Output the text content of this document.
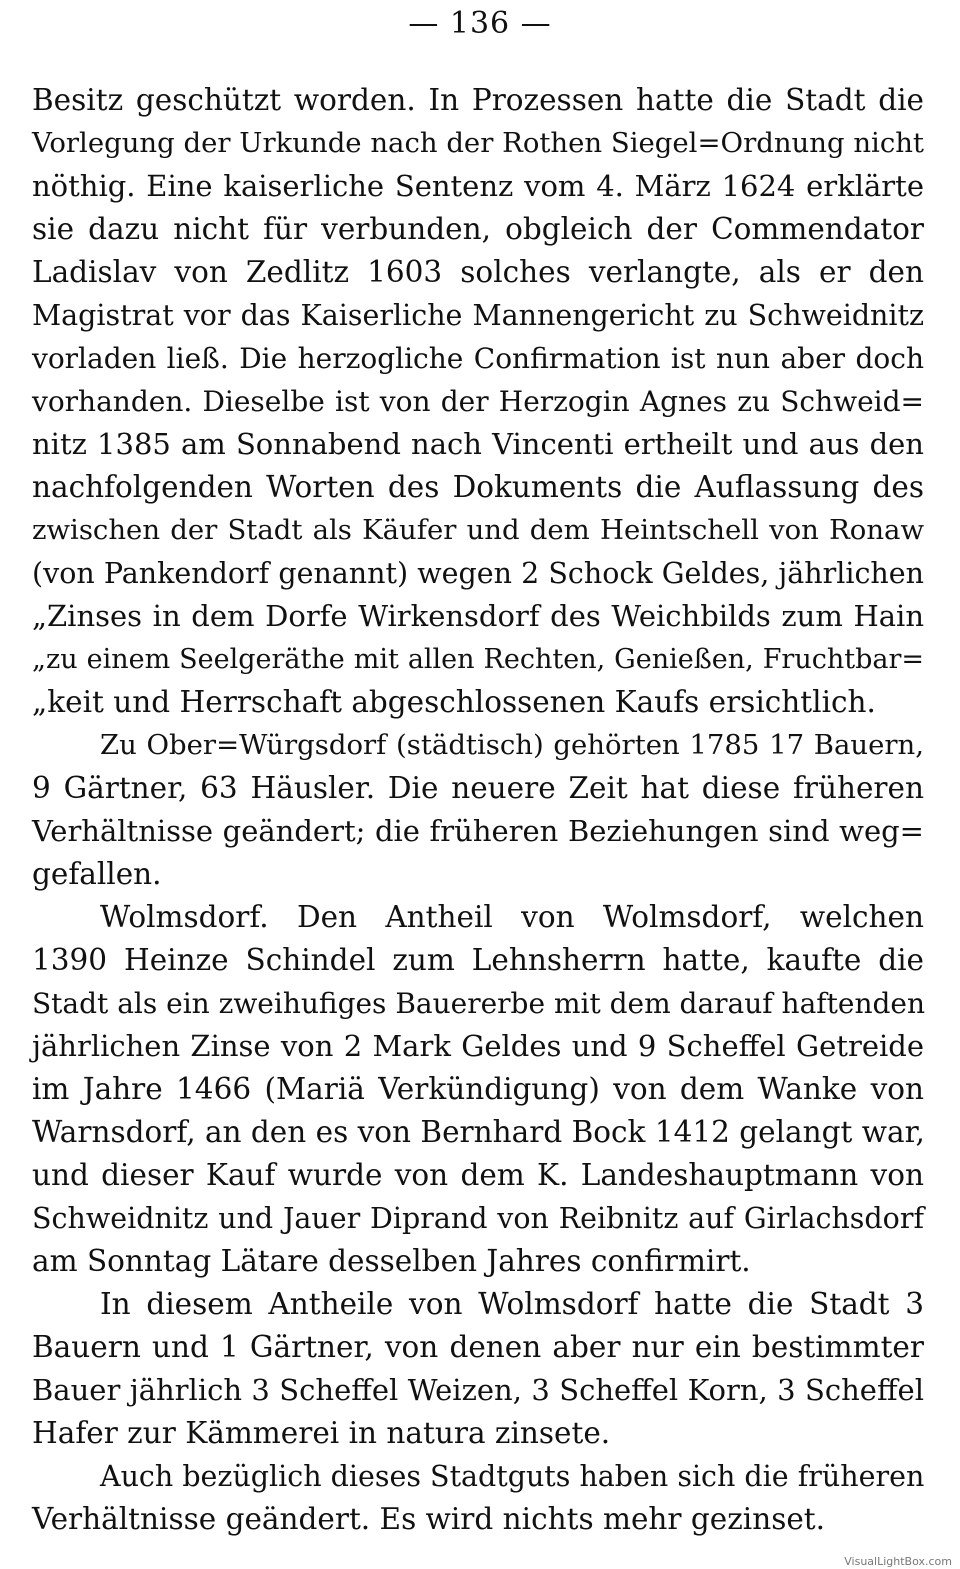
— 136 —
Besitz geschützt worden. In Prozessen hatte die Stadt die
Vorlegung der Urkunde nach der Rothen Siegel=Ordnung nicht
nöthig. Eine kaiserliche Sentenz vom 4. März 1624 erklärte
sie dazu nicht für verbunden, obgleich der Commendator
Ladislav von Zedlitz 1603 solches verlangte, als er den
Magistrat vor das Kaiserliche Mannengericht zu Schweidnitz
vorladen ließ. Die herzogliche Confirmation ist nun aber doch
vorhanden. Dieselbe ist von der Herzogin Agnes zu Schweid=
nitz 1385 am Sonnabend nach Vincenti ertheilt und aus den
nachfolgenden Worten des Dokuments die Auflassung des
zwischen der Stadt als Käufer und dem Heintschell von Ronaw
(von Pankendorf genannt) wegen 2 Schock Geldes, jährlichen
„Zinses in dem Dorfe Wirkensdorf des Weichbilds zum Hain
„zu einem Seelgeräthe mit allen Rechten, Genießen, Fruchtbar=
„keit und Herrschaft abgeschlossenen Kaufs ersichtlich.
Zu Ober=Würgsdorf (städtisch) gehörten 1785 17 Bauern,
9 Gärtner, 63 Häusler. Die neuere Zeit hat diese früheren
Verhältnisse geändert; die früheren Beziehungen sind weg=
gefallen.
Wolmsdorf. Den Antheil von Wolmsdorf, welchen
1390 Heinze Schindel zum Lehnsherrn hatte, kaufte die
Stadt als ein zweihufiges Bauererbe mit dem darauf haftenden
jährlichen Zinse von 2 Mark Geldes und 9 Scheffel Getreide
im Jahre 1466 (Mariä Verkündigung) von dem Wanke von
Warnsdorf, an den es von Bernhard Bock 1412 gelangt war,
und dieser Kauf wurde von dem K. Landeshauptmann von
Schweidnitz und Jauer Diprand von Reibnitz auf Girlachsdorf
am Sonntag Lätare desselben Jahres confirmirt.
In diesem Antheile von Wolmsdorf hatte die Stadt 3
Bauern und 1 Gärtner, von denen aber nur ein bestimmter
Bauer jährlich 3 Scheffel Weizen, 3 Scheffel Korn, 3 Scheffel
Hafer zur Kämmerei in natura zinsete.
Auch bezüglich dieses Stadtguts haben sich die früheren
Verhältnisse geändert. Es wird nichts mehr gezinset.
VisualLightBox.com
